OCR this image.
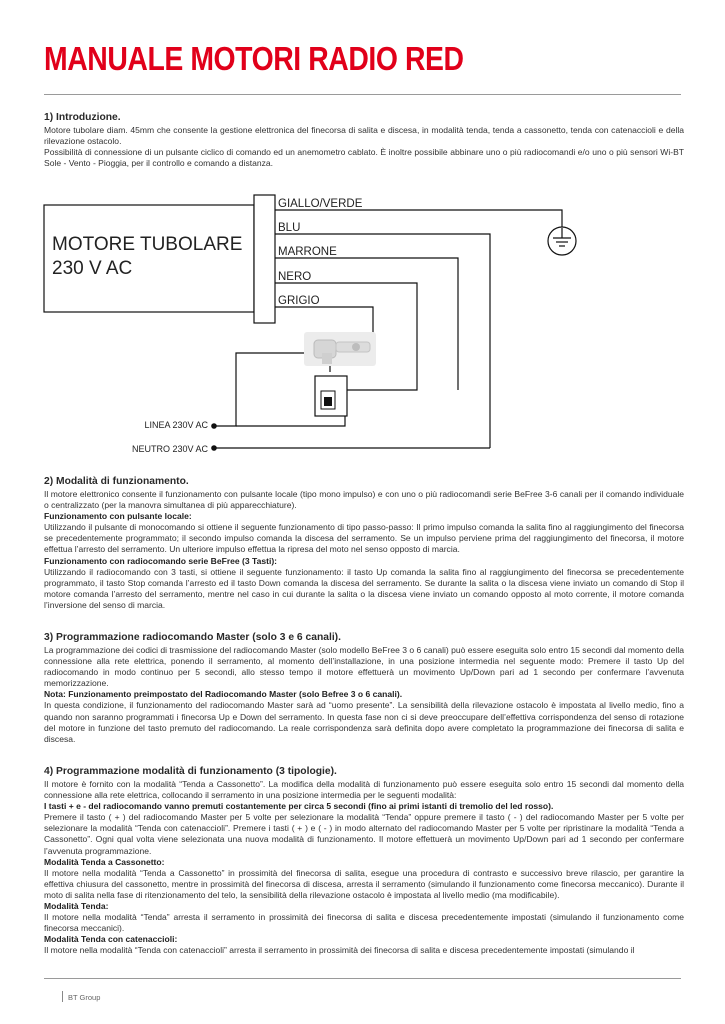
MANUALE MOTORI RADIO RED
1) Introduzione.

Motore tubolare diam. 45mm che consente la gestione elettronica del finecorsa di salita e discesa, in modalità tenda, tenda a cassonetto, tenda con catenaccioli e della rilevazione ostacolo.

Possibilità di connessione di un pulsante ciclico di comando ed un anemometro cablato. È inoltre possibile abbinare uno o più radiocomandi e/o uno o più sensori Wi-BT Sole - Vento - Pioggia, per il controllo e comando a distanza.

MOTORE TUBOLARE
230 V AC
GIALLO/VERDE
BLU
MARRONE
NERO
GRIGIO
LINEA 230V AC
NEUTRO 230V AC
2) Modalità di funzionamento.

Il motore elettronico consente il funzionamento con pulsante locale (tipo mono impulso) e con uno o più radiocomandi serie BeFree 3-6 canali per il comando individuale o centralizzato (per la manovra simultanea di più apparecchiature).

Funzionamento con pulsante locale:

Utilizzando il pulsante di monocomando si ottiene il seguente funzionamento di tipo passo-passo: Il primo impulso comanda la salita fino al raggiungimento del finecorsa se precedentemente programmato; il secondo impulso comanda la discesa del serramento. Se un impulso perviene prima del raggiungimento del finecorsa, il motore effettua l’arresto del serramento. Un ulteriore impulso effettua la ripresa del moto nel senso opposto di marcia.

Funzionamento con radiocomando serie BeFree (3 Tasti):

Utilizzando il radiocomando con 3 tasti, si ottiene il seguente funzionamento: il tasto Up comanda la salita fino al raggiungimento del finecorsa se precedentemente programmato, il tasto Stop comanda l’arresto ed il tasto Down comanda la discesa del serramento. Se durante la salita o la discesa viene inviato un comando di Stop il motore comanda l’arresto del serramento, mentre nel caso in cui durante la salita o la discesa viene inviato un comando opposto al moto corrente, il motore comanda l’inversione del senso di marcia.

3) Programmazione radiocomando Master (solo 3 e 6 canali).

La programmazione dei codici di trasmissione del radiocomando Master (solo modello BeFree 3 o 6 canali) può essere eseguita solo entro 15 secondi dal momento della connessione alla rete elettrica, ponendo il serramento, al momento dell’installazione, in una posizione intermedia nel seguente modo: Premere il tasto Up del radiocomando in modo continuo per 5 secondi, allo stesso tempo il motore effettuerà un movimento Up/Down pari ad 1 secondo per confermare l’avvenuta memorizzazione.

Nota: Funzionamento preimpostato del Radiocomando Master (solo Befree 3 o 6 canali).

In questa condizione, il funzionamento del radiocomando Master sarà ad “uomo presente”. La sensibilità della rilevazione ostacolo è impostata al livello medio, fino a quando non saranno programmati i finecorsa Up e Down del serramento. In questa fase non ci si deve preoccupare dell’effettiva corrispondenza del senso di rotazione del motore in funzione del tasto premuto del radiocomando. La reale corrispondenza sarà definita dopo avere completato la programmazione dei finecorsa di salita e discesa.

4) Programmazione modalità di funzionamento (3 tipologie).

Il motore è fornito con la modalità “Tenda a Cassonetto”. La modifica della modalità di funzionamento può essere eseguita solo entro 15 secondi dal momento della connessione alla rete elettrica, collocando il serramento in una posizione intermedia per le seguenti modalità:

I tasti + e - del radiocomando vanno premuti costantemente per circa 5 secondi (fino ai primi istanti di tremolio del led rosso).

Premere il tasto ( + ) del radiocomando Master per 5 volte per selezionare la modalità “Tenda” oppure premere il tasto ( - ) del radiocomando Master per 5 volte per selezionare la modalità “Tenda con catenaccioli”. Premere i tasti ( + ) e ( - ) in modo alternato del radiocomando Master per 5 volte per ripristinare la modalità “Tenda a Cassonetto”. Ogni qual volta viene selezionata una nuova modalità di funzionamento. Il motore effettuerà un movimento Up/Down pari ad 1 secondo per confermare l’avvenuta programmazione.

Modalità Tenda a Cassonetto:

Il motore nella modalità “Tenda a Cassonetto” in prossimità del finecorsa di salita, esegue una procedura di contrasto e successivo breve rilascio, per garantire la effettiva chiusura del cassonetto, mentre in prossimità del finecorsa di discesa, arresta il serramento (simulando il funzionamento come finecorsa meccanico). Durante il moto di salita nella fase di ritenzionamento del telo, la sensibilità della rilevazione ostacolo è impostata al livello medio (ma modificabile).

Modalità Tenda:

Il motore nella modalità “Tenda” arresta il serramento in prossimità dei finecorsa di salita e discesa precedentemente impostati (simulando il funzionamento come finecorsa meccanici).

Modalità Tenda con catenaccioli:

Il motore nella modalità “Tenda con catenaccioli” arresta il serramento in prossimità dei finecorsa di salita e discesa precedentemente impostati (simulando il

BT Group
